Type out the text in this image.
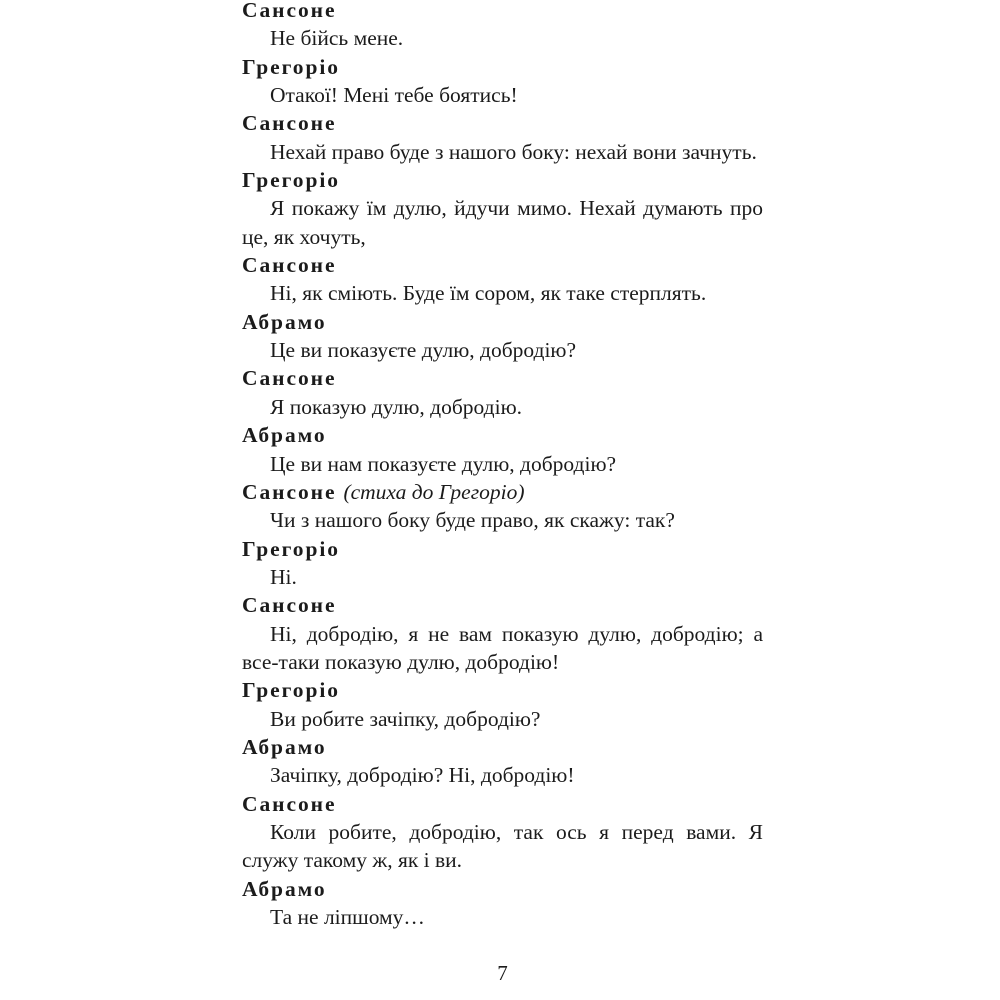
Сансоне

Не бійсь мене.

Грегоріо

Отакої! Мені тебе боятись!

Сансоне

Нехай право буде з нашого боку: нехай вони зачнуть.

Грегоріо

Я покажу їм дулю, йдучи мимо. Нехай думають про це, як хочуть,

Сансоне

Ні, як сміють. Буде їм сором, як таке стерплять.

Абрамо

Це ви показуєте дулю, добродію?

Сансоне

Я показую дулю, добродію.

Абрамо

Це ви нам показуєте дулю, добродію?

Сансоне (стиха до Грегоріо)

Чи з нашого боку буде право, як скажу: так?

Грегоріо

Ні.

Сансоне

Ні, добродію, я не вам показую дулю, добродію; а все-таки показую дулю, добродію!

Грегоріо

Ви робите зачіпку, добродію?

Абрамо

Зачіпку, добродію? Ні, добродію!

Сансоне

Коли робите, добродію, так ось я перед вами. Я служу такому ж, як і ви.

Абрамо

Та не ліпшому…

7
